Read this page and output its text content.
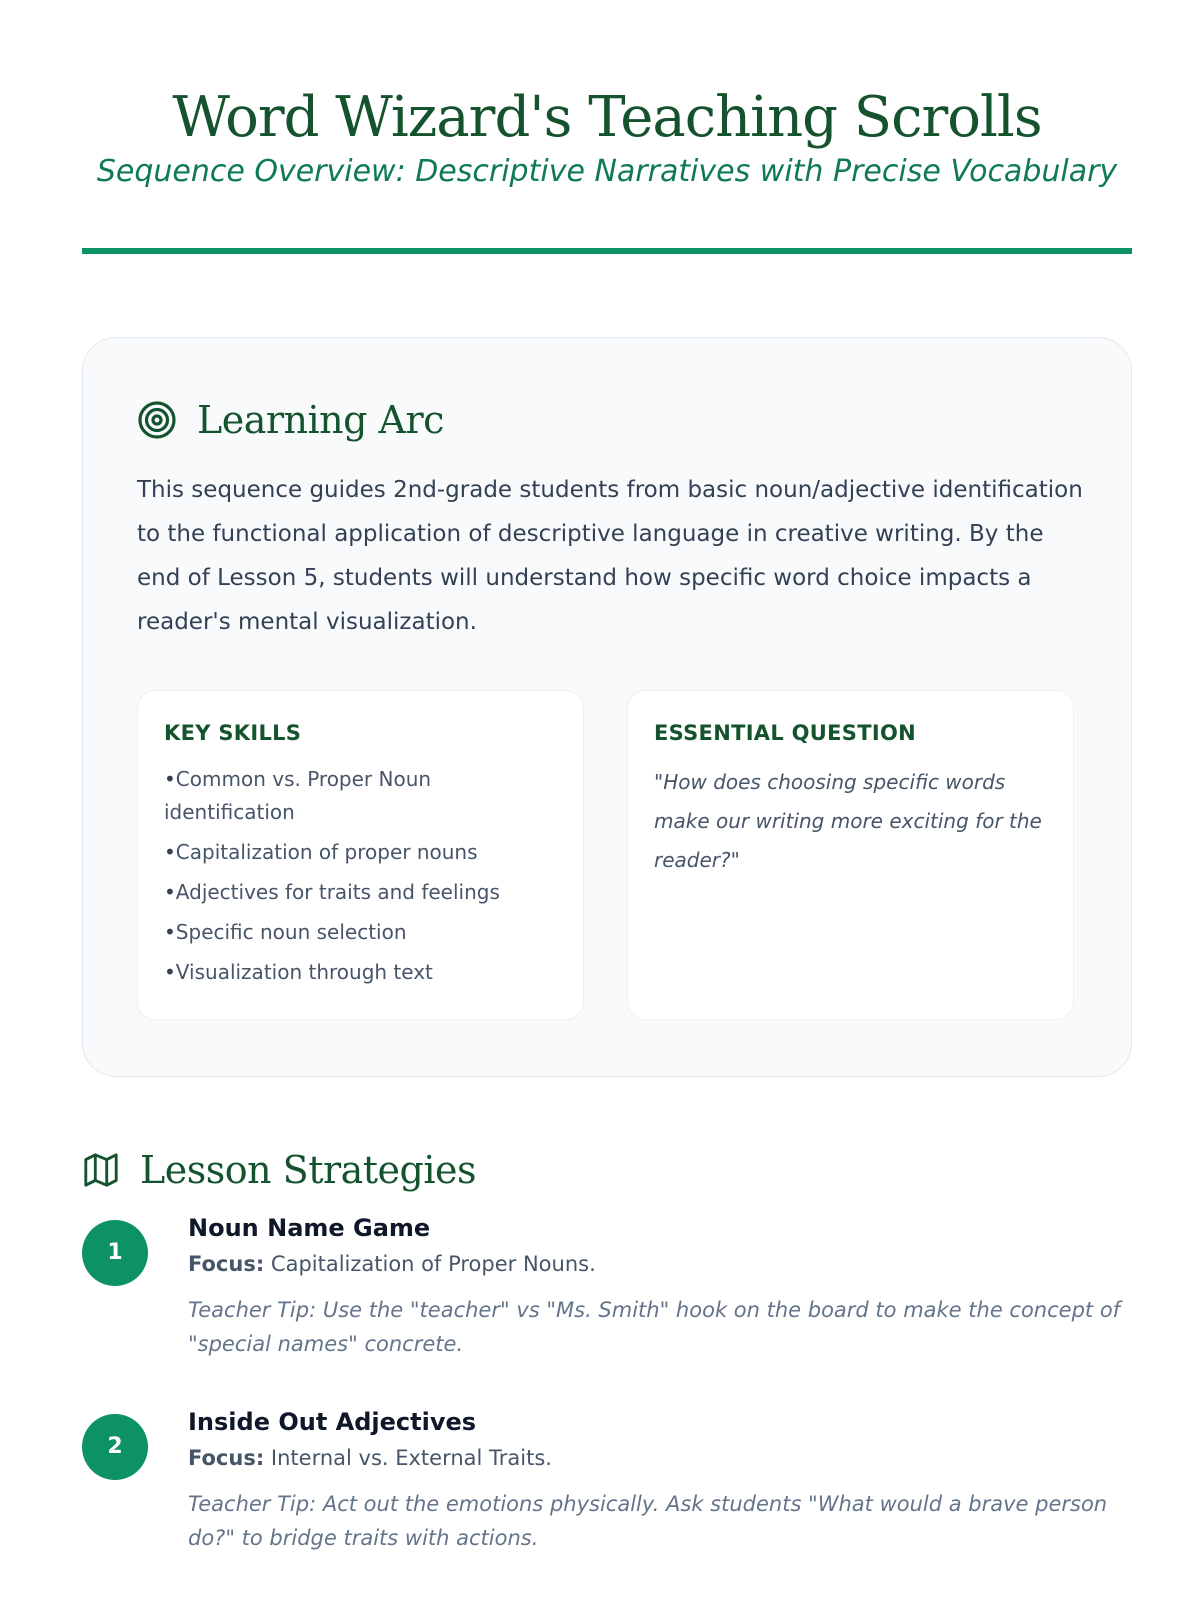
Word Wizard's Teaching Scrolls

Sequence Overview: Descriptive Narratives with Precise Vocabulary

Learning Arc

This sequence guides 2nd-grade students from basic noun/adjective identification to the functional application of descriptive language in creative writing. By the end of Lesson 5, students will understand how specific word choice impacts a reader's mental visualization.

KEY SKILLS
• Common vs. Proper Noun identification
• Capitalization of proper nouns
• Adjectives for traits and feelings
• Specific noun selection
• Visualization through text
ESSENTIAL QUESTION

"How does choosing specific words make our writing more exciting for the reader?"

Lesson Strategies
1
Noun Name Game
Focus: Capitalization of Proper Nouns.
Teacher Tip: Use the "teacher" vs "Ms. Smith" hook on the board to make the concept of "special names" concrete.
2
Inside Out Adjectives
Focus: Internal vs. External Traits.
Teacher Tip: Act out the emotions physically. Ask students "What would a brave person do?" to bridge traits with actions.
